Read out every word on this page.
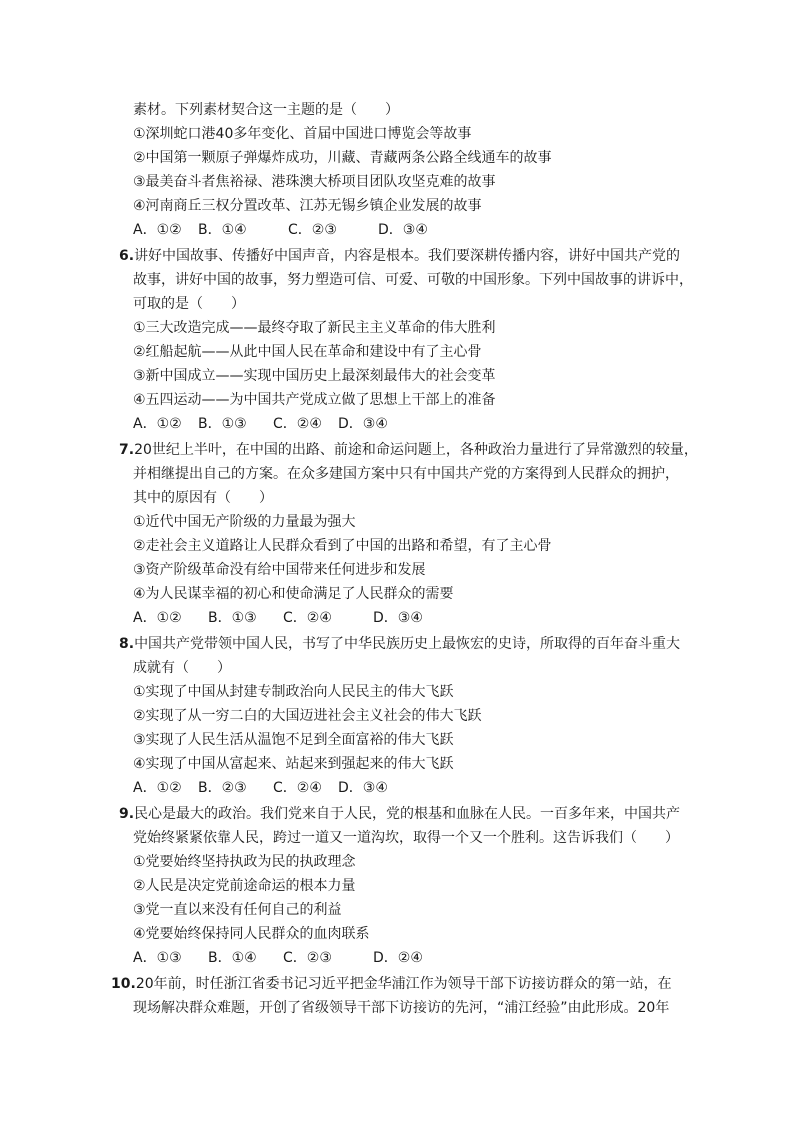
素材。下列素材契合这一主题的是（　　）
①深圳蛇口港40多年变化、首届中国进口博览会等故事
②中国第一颗原子弹爆炸成功，川藏、青藏两条公路全线通车的故事
③最美奋斗者焦裕禄、港珠澳大桥项目团队攻坚克难的故事
④河南商丘三权分置改革、江苏无锡乡镇企业发展的故事
A．①② B．①④	C．②③	D．③④
6.讲好中国故事、传播好中国声音，内容是根本。我们要深耕传播内容，讲好中国共产党的
故事，讲好中国的故事，努力塑造可信、可爱、可敬的中国形象。下列中国故事的讲诉中，
可取的是（　　）
①三大改造完成——最终夺取了新民主主义革命的伟大胜利
②红船起航——从此中国人民在革命和建设中有了主心骨
③新中国成立——实现中国历史上最深刻最伟大的社会变革
④五四运动——为中国共产党成立做了思想上干部上的准备
A．①② B．①③ C．②④ D．③④
7.20世纪上半叶，在中国的出路、前途和命运问题上，各种政治力量进行了异常激烈的较量，
并相继提出自己的方案。在众多建国方案中只有中国共产党的方案得到人民群众的拥护，
其中的原因有（　　）
①近代中国无产阶级的力量最为强大
②走社会主义道路让人民群众看到了中国的出路和希望，有了主心骨
③资产阶级革命没有给中国带来任何进步和发展
④为人民谋幸福的初心和使命满足了人民群众的需要
A．①② B．①③ C．②④	D．③④
8.中国共产党带领中国人民，书写了中华民族历史上最恢宏的史诗，所取得的百年奋斗重大
成就有（　　）
①实现了中国从封建专制政治向人民民主的伟大飞跃
②实现了从一穷二白的大国迈进社会主义社会的伟大飞跃
③实现了人民生活从温饱不足到全面富裕的伟大飞跃
④实现了中国从富起来、站起来到强起来的伟大飞跃
A．①② B．②③ C．②④ D．③④
9.民心是最大的政治。我们党来自于人民，党的根基和血脉在人民。一百多年来，中国共产
党始终紧紧依靠人民，跨过一道又一道沟坎，取得一个又一个胜利。这告诉我们（　　）
①党要始终坚持执政为民的执政理念
②人民是决定党前途命运的根本力量
③党一直以来没有任何自己的利益
④党要始终保持同人民群众的血肉联系
A．①③ B．①④ C．②③	D．②④
10.20年前，时任浙江省委书记习近平把金华浦江作为领导干部下访接访群众的第一站，在
现场解决群众难题，开创了省级领导干部下访接访的先河，“浦江经验”由此形成。20年
